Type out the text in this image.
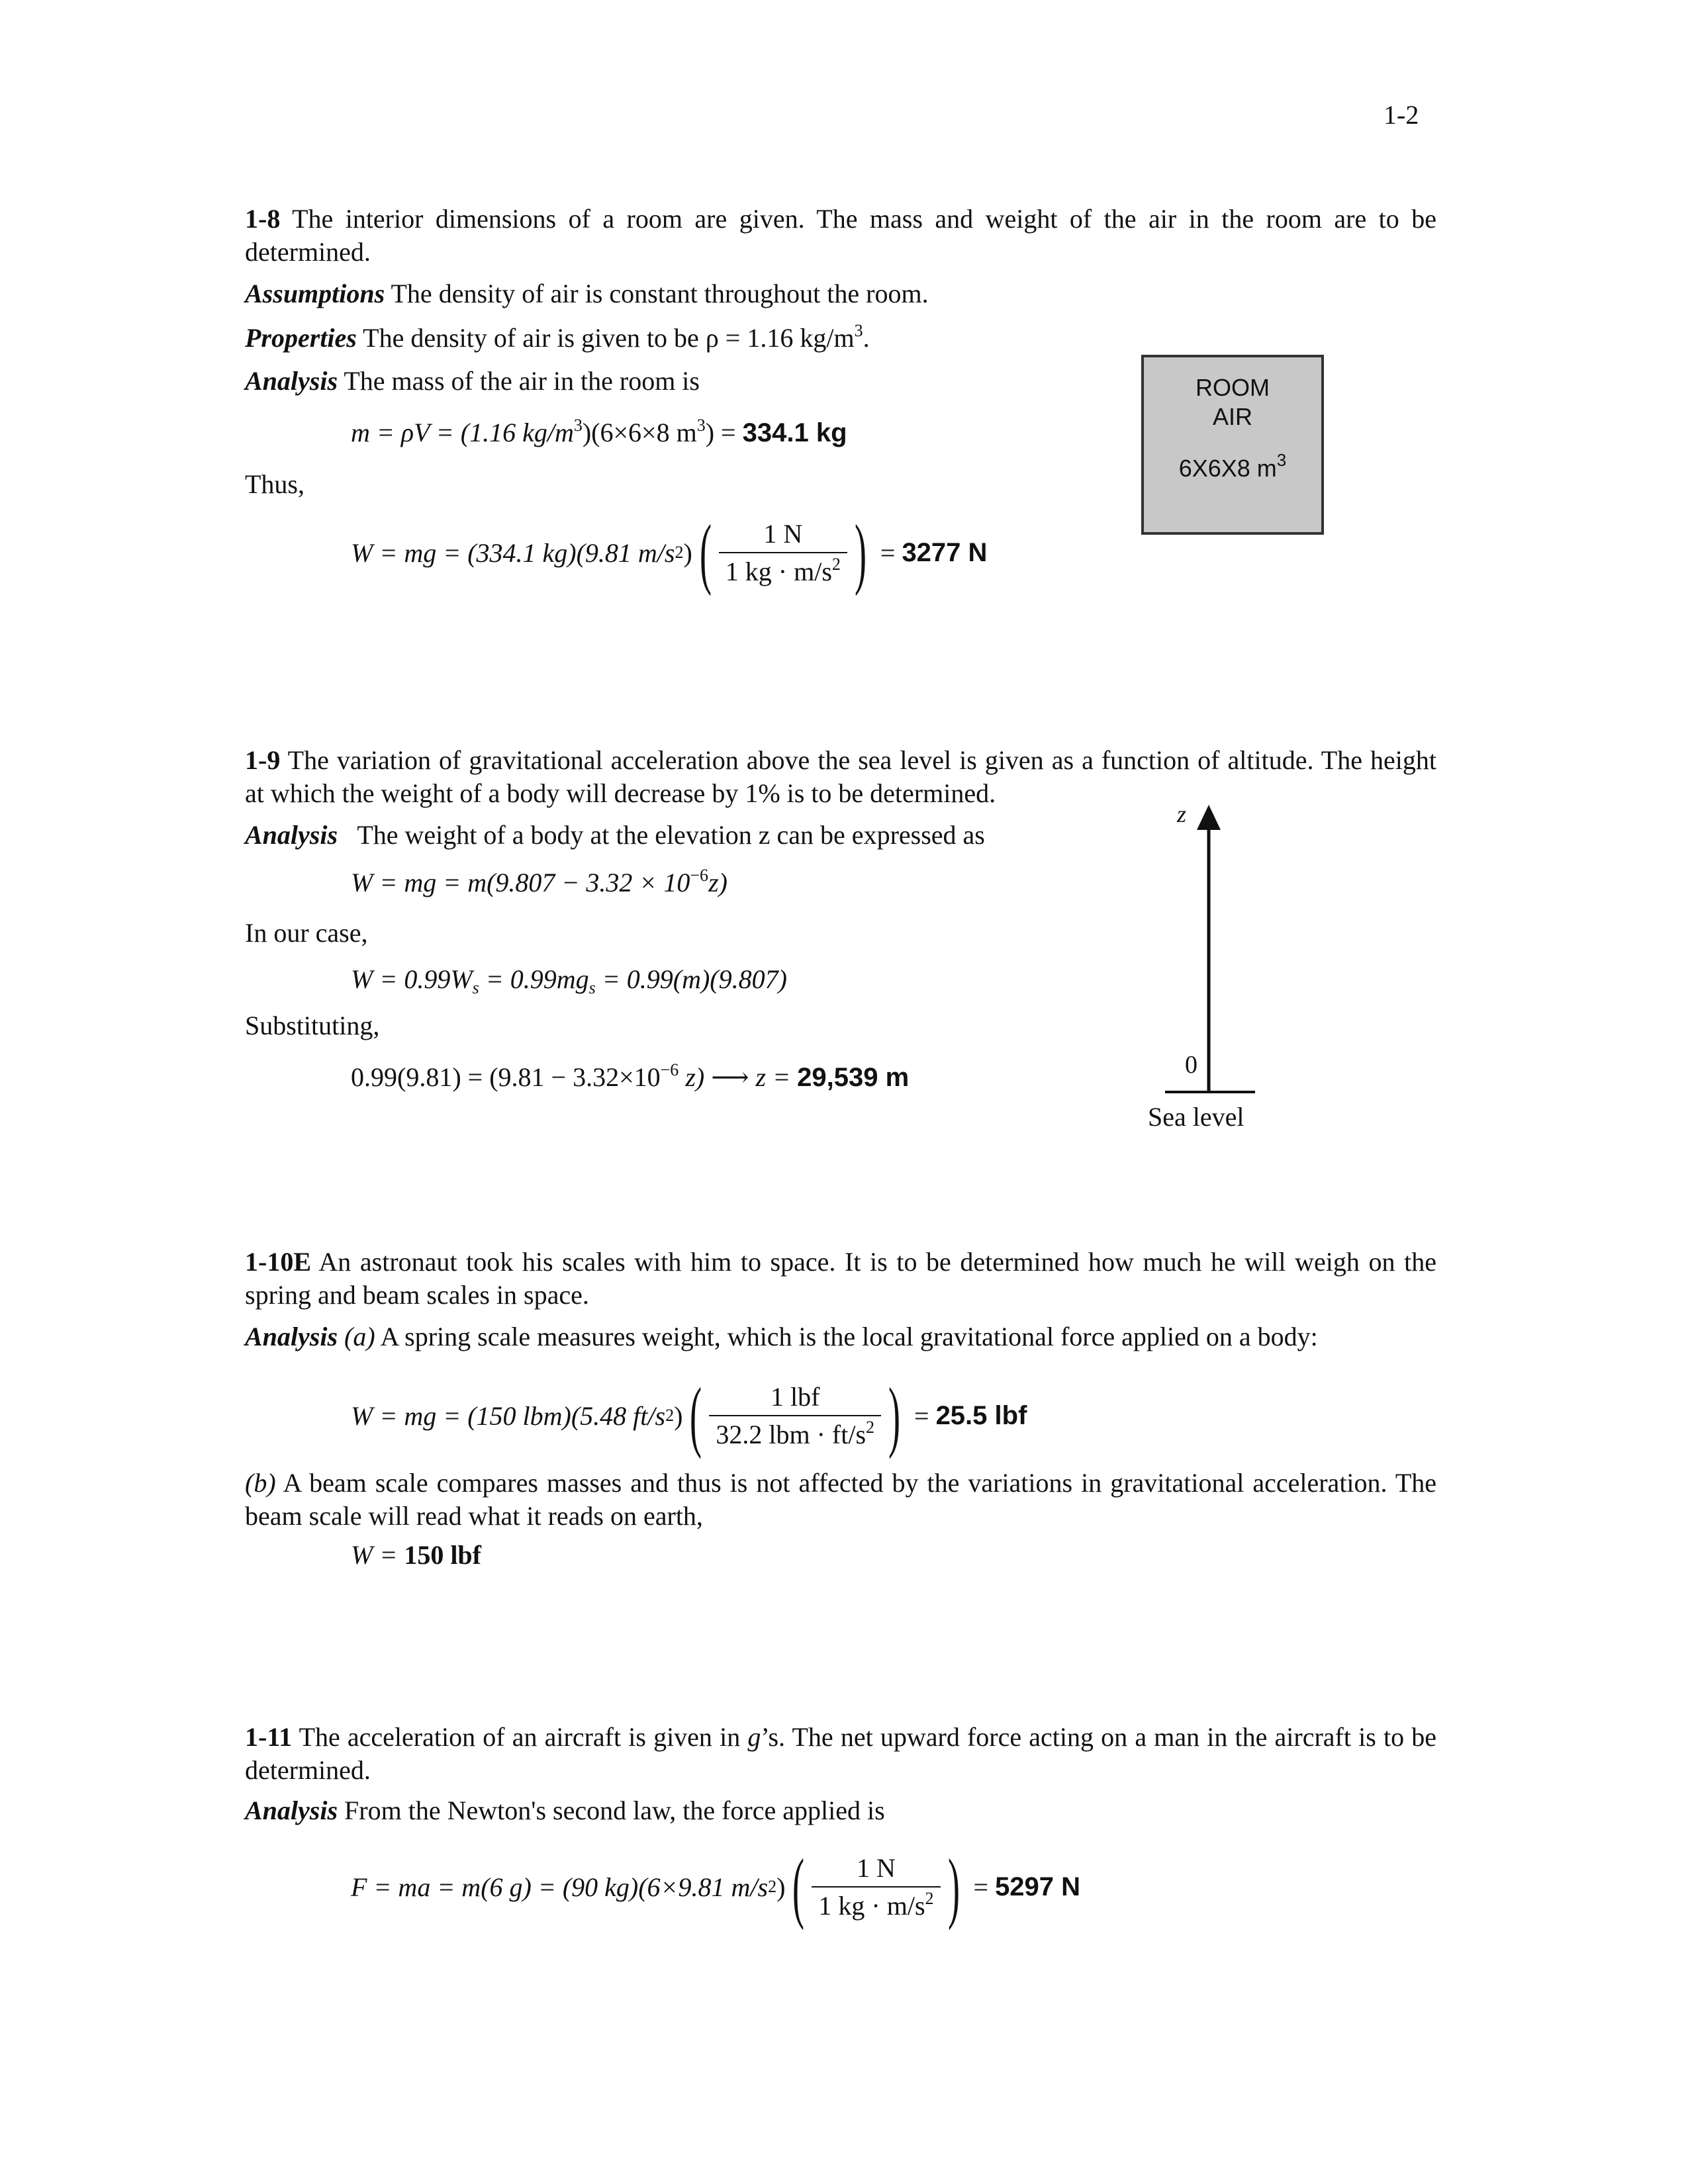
1-2
1-8 The interior dimensions of a room are given. The mass and weight of the air in the room are to be determined.
Assumptions The density of air is constant throughout the room.
Properties The density of air is given to be ρ = 1.16 $kg/m^3$.
Analysis The mass of the air in the room is
m = ρV = (1.16 $kg/m^3)(6\times 6\times 8$ $m^3) = 334.1$ kg
Thus,
W = mg = (334.1 kg)(9.81 m/s 2 ) ( $\frac{1 N}{1 kg \cdot m/s^2}$ ) = 3277 N
ROOM
AIR
6X6X8 $m^3$
1-9 The variation of gravitational acceleration above the sea level is given as a function of altitude. The height at which the weight of a body will decrease by 1% is to be determined.
Analysis The weight of a body at the elevation z can be expressed as
W = mg = $m(9.807 - 3.32 \times 10^{-6}z)$
In our case,
$W = 0.99W_s = 0.99mg_s = 0.99(m)(9.807)$
Substituting,
$0.99(9.81) = (9.81 - 3.32\times 10^{-6}$ z) ⟶ z = 29,539 m
z
0
Sea level
1-10E An astronaut took his scales with him to space. It is to be determined how much he will weigh on the spring and beam scales in space.
Analysis (a) A spring scale measures weight, which is the local gravitational force applied on a body:
W = mg = (150 lbm)(5.48 ft/s 2 ) ( $\frac{\text{1 lbf}}{32.2 lbm \cdot ft/s^2}$ ) = 25.5 lbf
(b) A beam scale compares masses and thus is not affected by the variations in gravitational acceleration. The beam scale will read what it reads on earth,
W = 150 lbf
1-11 The acceleration of an aircraft is given in g’s. The net upward force acting on a man in the aircraft is to be determined.
Analysis From the Newton's second law, the force applied is
F = ma = m(6 g) = (90 kg)(6×9.81 m/s 2 ) ( $\frac{1 N}{1 kg \cdot m/s^2}$ ) = 5297 N
